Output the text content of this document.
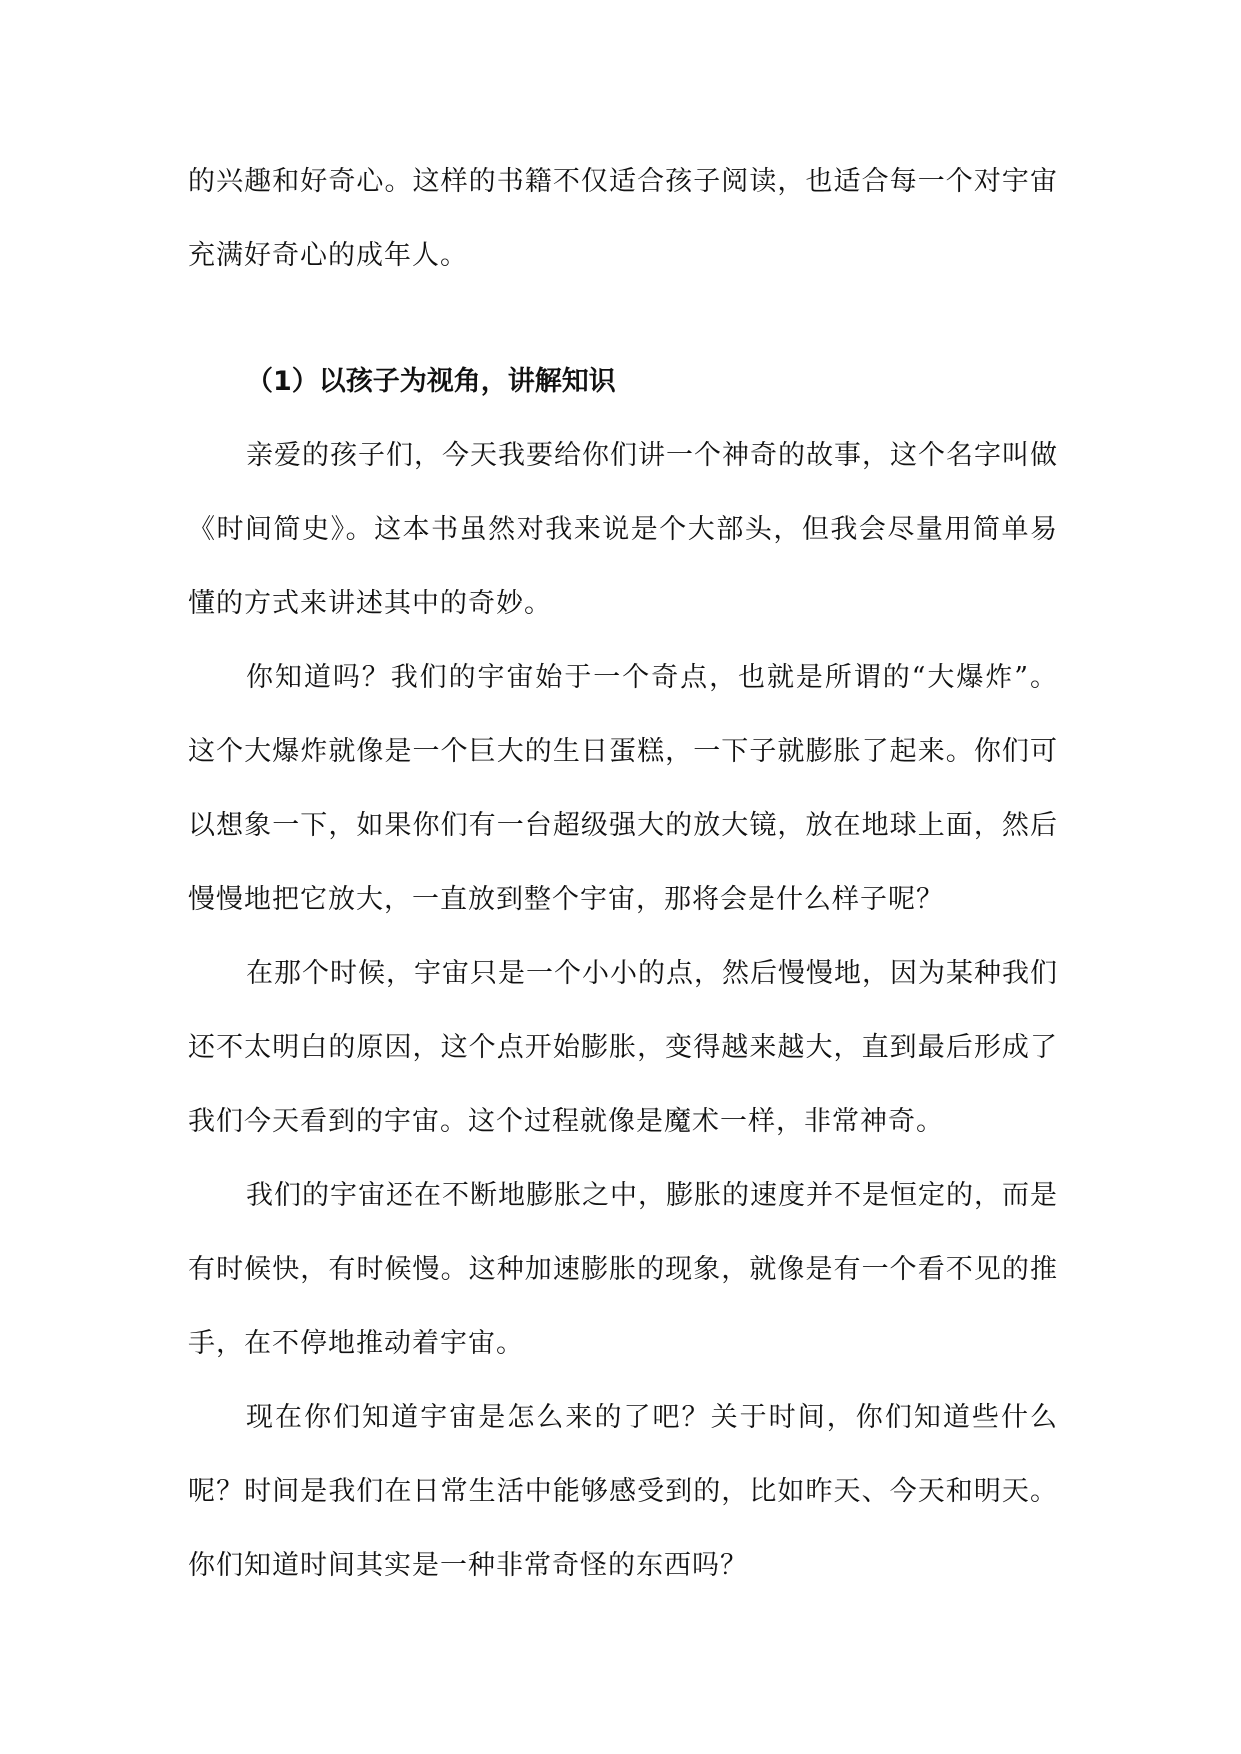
的兴趣和好奇心。这样的书籍不仅适合孩子阅读，也适合每一个对宇宙充满好奇心的成年人。

（1）以孩子为视角，讲解知识

亲爱的孩子们，今天我要给你们讲一个神奇的故事，这个名字叫做《时间简史》。这本书虽然对我来说是个大部头，但我会尽量用简单易懂的方式来讲述其中的奇妙。

你知道吗？我们的宇宙始于一个奇点，也就是所谓的“大爆炸”。这个大爆炸就像是一个巨大的生日蛋糕，一下子就膨胀了起来。你们可以想象一下，如果你们有一台超级强大的放大镜，放在地球上面，然后慢慢地把它放大，一直放到整个宇宙，那将会是什么样子呢？

在那个时候，宇宙只是一个小小的点，然后慢慢地，因为某种我们还不太明白的原因，这个点开始膨胀，变得越来越大，直到最后形成了我们今天看到的宇宙。这个过程就像是魔术一样，非常神奇。

我们的宇宙还在不断地膨胀之中，膨胀的速度并不是恒定的，而是有时候快，有时候慢。这种加速膨胀的现象，就像是有一个看不见的推手，在不停地推动着宇宙。

现在你们知道宇宙是怎么来的了吧？关于时间，你们知道些什么呢？时间是我们在日常生活中能够感受到的，比如昨天、今天和明天。你们知道时间其实是一种非常奇怪的东西吗？
